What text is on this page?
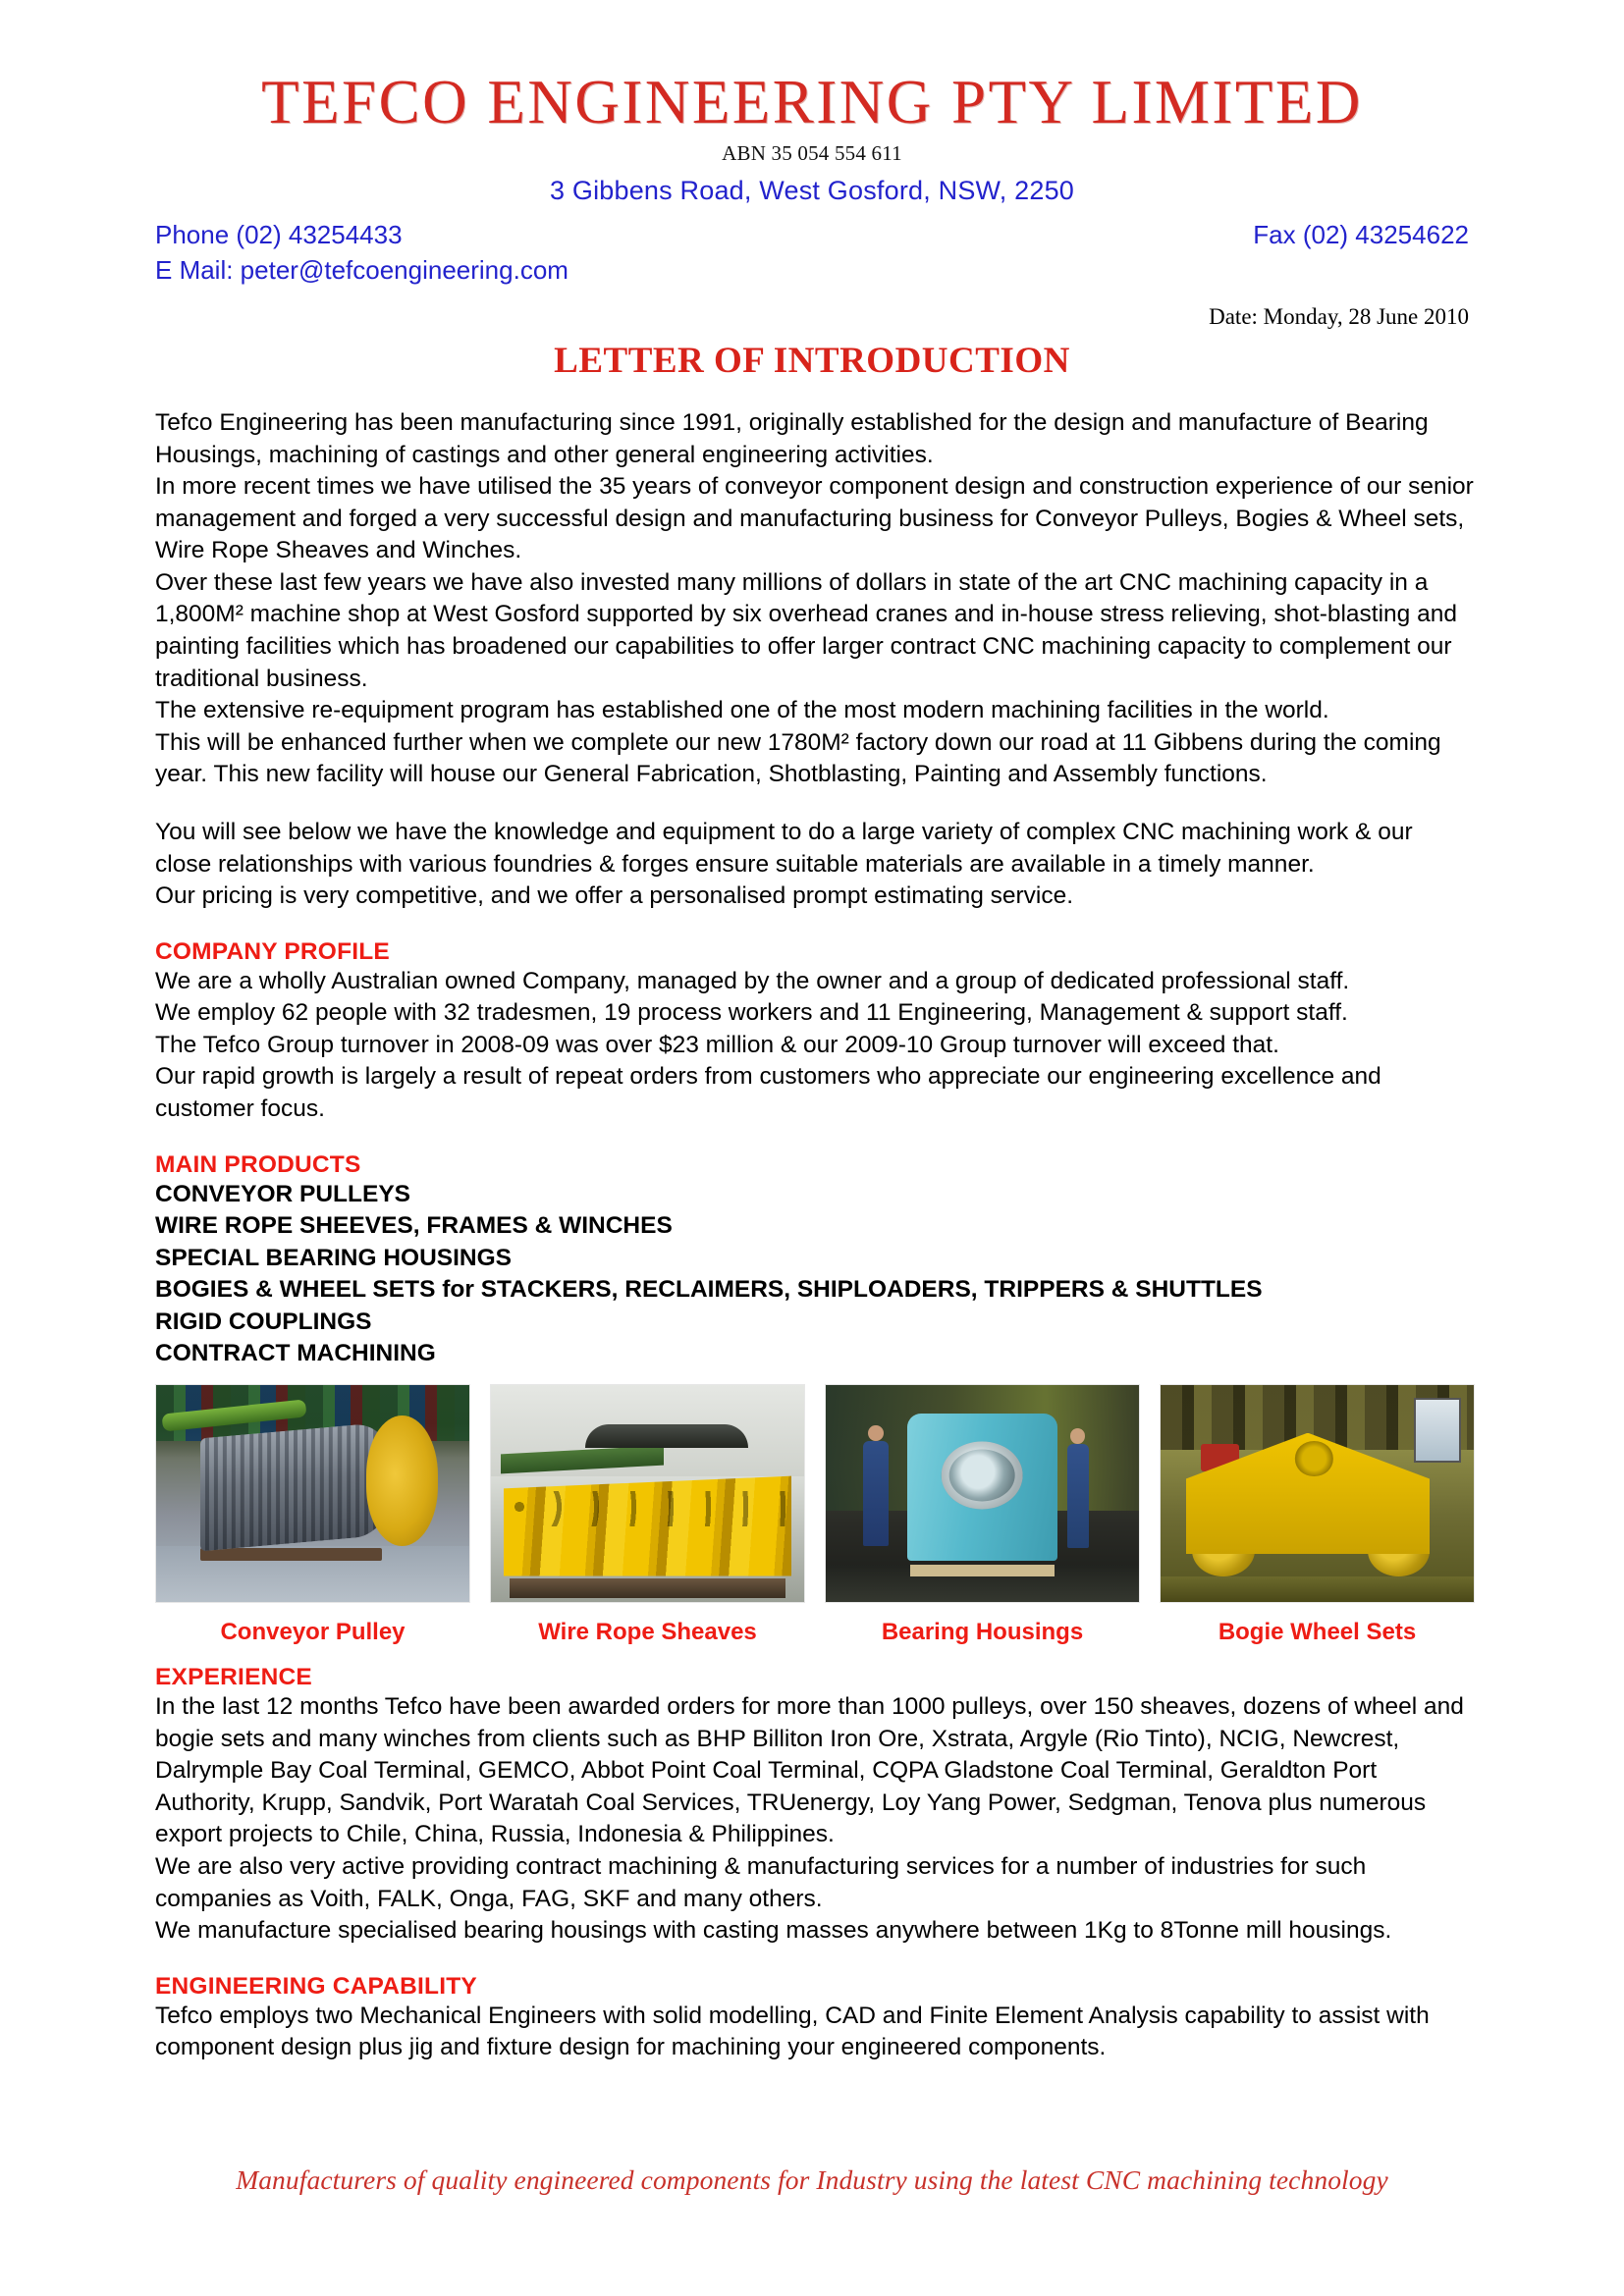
TEFCO ENGINEERING PTY LIMITED
ABN 35 054 554 611
3 Gibbens Road, West Gosford, NSW, 2250
Phone (02) 43254433
E Mail: peter@tefcoengineering.com
Fax (02) 43254622
Date: Monday, 28 June 2010
LETTER OF INTRODUCTION

Tefco Engineering has been manufacturing since 1991, originally established for the design and manufacture of Bearing Housings, machining of castings and other general engineering activities.

In more recent times we have utilised the 35 years of conveyor component design and construction experience of our senior management and forged a very successful design and manufacturing business for Conveyor Pulleys, Bogies & Wheel sets, Wire Rope Sheaves and Winches.

Over these last few years we have also invested many millions of dollars in state of the art CNC machining capacity in a 1,800M² machine shop at West Gosford supported by six overhead cranes and in-house stress relieving, shot-blasting and painting facilities which has broadened our capabilities to offer larger contract CNC machining capacity to complement our traditional business.

The extensive re-equipment program has established one of the most modern machining facilities in the world.

This will be enhanced further when we complete our new 1780M² factory down our road at 11 Gibbens during the coming year. This new facility will house our General Fabrication, Shotblasting, Painting and Assembly functions.

You will see below we have the knowledge and equipment to do a large variety of complex CNC machining work & our close relationships with various foundries & forges ensure suitable materials are available in a timely manner.

Our pricing is very competitive, and we offer a personalised prompt estimating service.

COMPANY PROFILE

We are a wholly Australian owned Company, managed by the owner and a group of dedicated professional staff.

We employ 62 people with 32 tradesmen, 19 process workers and 11 Engineering, Management & support staff.

The Tefco Group turnover in 2008-09 was over $23 million & our 2009-10 Group turnover will exceed that.

Our rapid growth is largely a result of repeat orders from customers who appreciate our engineering excellence and customer focus.

MAIN PRODUCTS
CONVEYOR PULLEYS
WIRE ROPE SHEEVES, FRAMES & WINCHES
SPECIAL BEARING HOUSINGS
BOGIES & WHEEL SETS for STACKERS, RECLAIMERS, SHIPLOADERS, TRIPPERS & SHUTTLES
RIGID COUPLINGS
CONTRACT MACHINING
Conveyor Pulley	Wire Rope Sheaves	Bearing Housings	Bogie Wheel Sets
EXPERIENCE

In the last 12 months Tefco have been awarded orders for more than 1000 pulleys, over 150 sheaves, dozens of wheel and bogie sets and many winches from clients such as BHP Billiton Iron Ore, Xstrata, Argyle (Rio Tinto), NCIG, Newcrest, Dalrymple Bay Coal Terminal, GEMCO, Abbot Point Coal Terminal, CQPA Gladstone Coal Terminal, Geraldton Port Authority, Krupp, Sandvik, Port Waratah Coal Services, TRUenergy, Loy Yang Power, Sedgman, Tenova plus numerous export projects to Chile, China, Russia, Indonesia & Philippines.

We are also very active providing contract machining & manufacturing services for a number of industries for such companies as Voith, FALK, Onga, FAG, SKF and many others.

We manufacture specialised bearing housings with casting masses anywhere between 1Kg to 8Tonne mill housings.

ENGINEERING CAPABILITY

Tefco employs two Mechanical Engineers with solid modelling, CAD and Finite Element Analysis capability to assist with component design plus jig and fixture design for machining your engineered components.

Manufacturers of quality engineered components for Industry using the latest CNC machining technology
